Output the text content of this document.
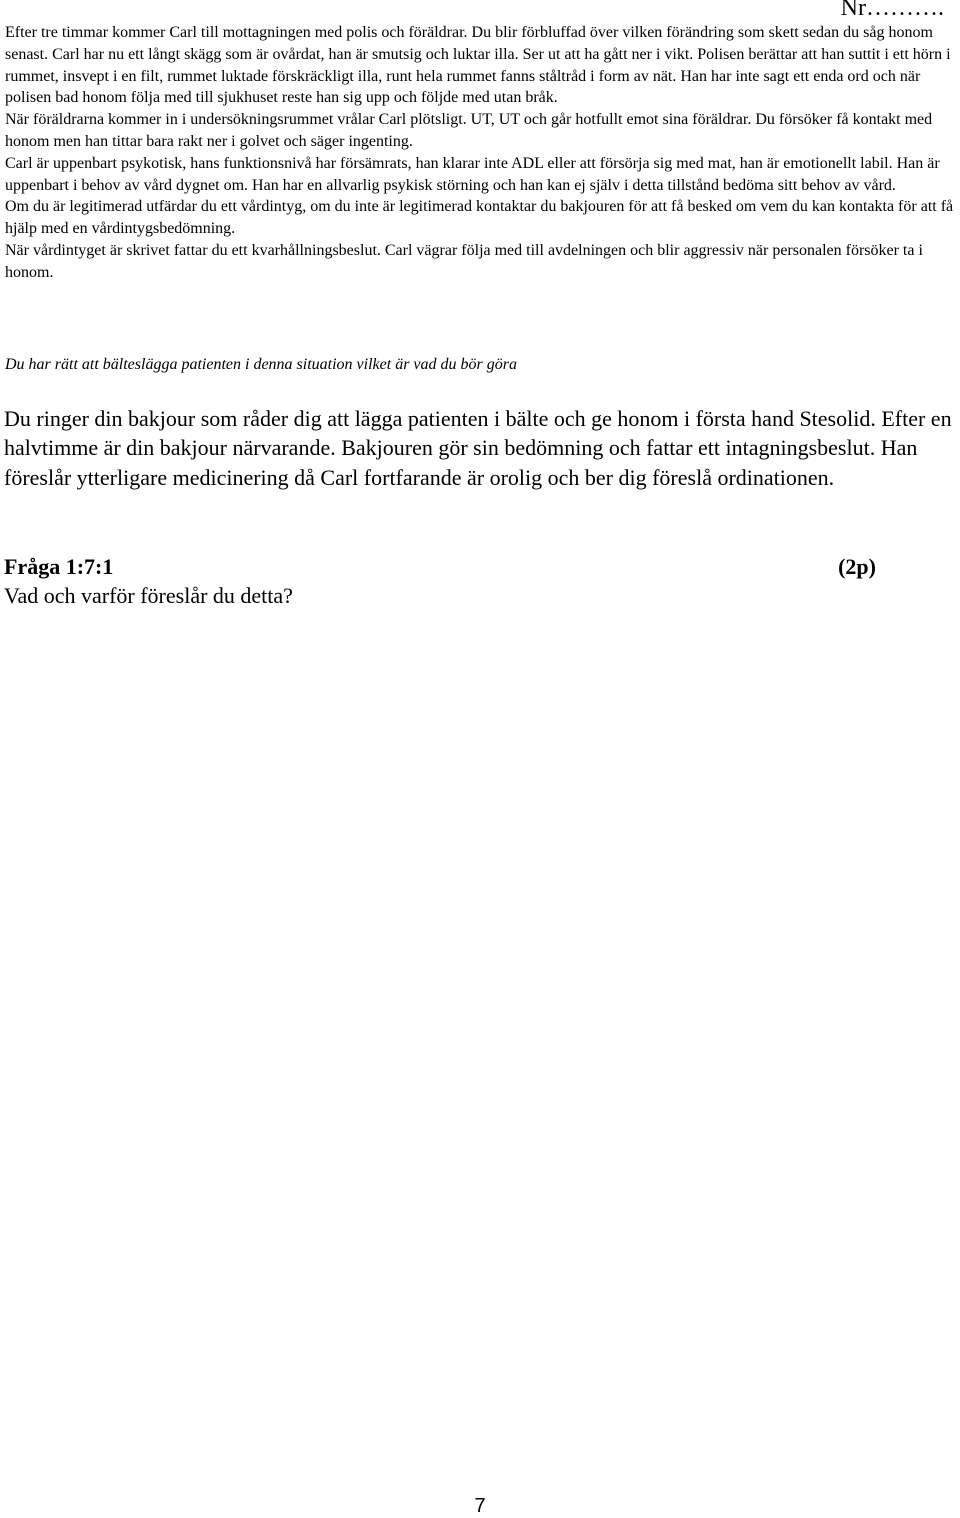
Nr……….

Efter tre timmar kommer Carl till mottagningen med polis och föräldrar. Du blir förbluffad över vilken förändring som skett sedan du såg honom senast. Carl har nu ett långt skägg som är ovårdat, han är smutsig och luktar illa. Ser ut att ha gått ner i vikt. Polisen berättar att han suttit i ett hörn i rummet, insvept i en filt, rummet luktade förskräckligt illa, runt hela rummet fanns ståltråd i form av nät. Han har inte sagt ett enda ord och när polisen bad honom följa med till sjukhuset reste han sig upp och följde med utan bråk.

När föräldrarna kommer in i undersökningsrummet vrålar Carl plötsligt. UT, UT och går hotfullt emot sina föräldrar. Du försöker få kontakt med honom men han tittar bara rakt ner i golvet och säger ingenting.

Carl är uppenbart psykotisk, hans funktionsnivå har försämrats, han klarar inte ADL eller att försörja sig med mat, han är emotionellt labil. Han är uppenbart i behov av vård dygnet om. Han har en allvarlig psykisk störning och han kan ej själv i detta tillstånd bedöma sitt behov av vård.

Om du är legitimerad utfärdar du ett vårdintyg, om du inte är legitimerad kontaktar du bakjouren för att få besked om vem du kan kontakta för att få hjälp med en vårdintygsbedömning.

När vårdintyget är skrivet fattar du ett kvarhållningsbeslut. Carl vägrar följa med till avdelningen och blir aggressiv när personalen försöker ta i honom.

Du har rätt att bälteslägga patienten i denna situation vilket är vad du bör göra

Du ringer din bakjour som råder dig att lägga patienten i bälte och ge honom i första hand Stesolid. Efter en halvtimme är din bakjour närvarande. Bakjouren gör sin bedömning och fattar ett intagningsbeslut. Han föreslår ytterligare medicinering då Carl fortfarande är orolig och ber dig föreslå ordinationen.

Fråga 1:7:1	(2p)
Vad och varför föreslår du detta?
7
